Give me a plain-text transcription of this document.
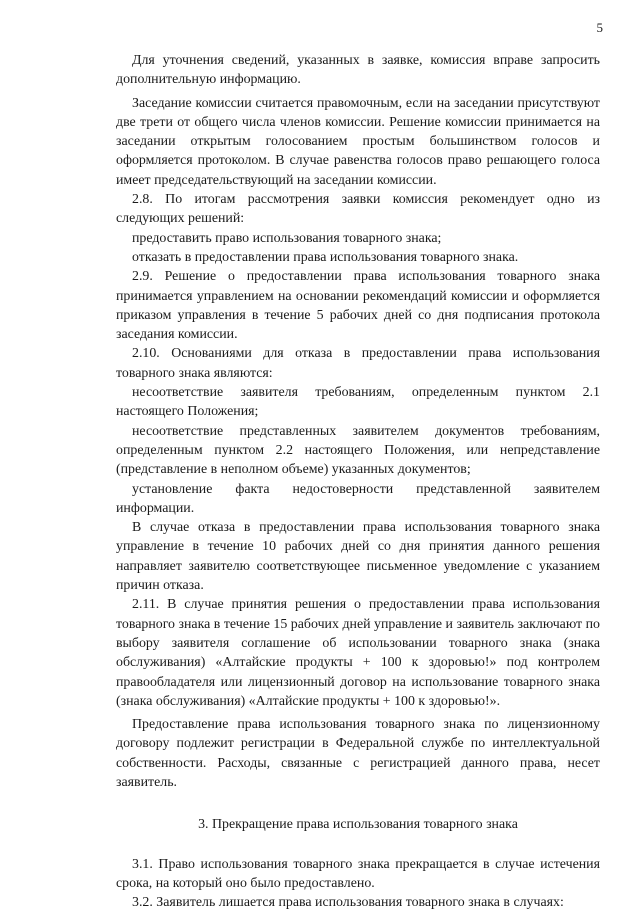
5

Для уточнения сведений, указанных в заявке, комиссия вправе запросить дополнительную информацию.

Заседание комиссии считается правомочным, если на заседании присутствуют две трети от общего числа членов комиссии. Решение комиссии принимается на заседании открытым голосованием простым большинством голосов и оформляется протоколом. В случае равенства голосов право решающего голоса имеет председательствующий на заседании комиссии.

2.8. По итогам рассмотрения заявки комиссия рекомендует одно из следующих решений:

предоставить право использования товарного знака;

отказать в предоставлении права использования товарного знака.

2.9. Решение о предоставлении права использования товарного знака принимается управлением на основании рекомендаций комиссии и оформляется приказом управления в течение 5 рабочих дней со дня подписания протокола заседания комиссии.

2.10. Основаниями для отказа в предоставлении права использования товарного знака являются:

несоответствие заявителя требованиям, определенным пунктом 2.1 настоящего Положения;

несоответствие представленных заявителем документов требованиям, определенным пунктом 2.2 настоящего Положения, или непредставление (представление в неполном объеме) указанных документов;

установление факта недостоверности представленной заявителем информации.

В случае отказа в предоставлении права использования товарного знака управление в течение 10 рабочих дней со дня принятия данного решения направляет заявителю соответствующее письменное уведомление с указанием причин отказа.

2.11. В случае принятия решения о предоставлении права использования товарного знака в течение 15 рабочих дней управление и заявитель заключают по выбору заявителя соглашение об использовании товарного знака (знака обслуживания) «Алтайские продукты + 100 к здоровью!» под контролем правообладателя или лицензионный договор на использование товарного знака (знака обслуживания) «Алтайские продукты + 100 к здоровью!».

Предоставление права использования товарного знака по лицензионному договору подлежит регистрации в Федеральной службе по интеллектуальной собственности. Расходы, связанные с регистрацией данного права, несет заявитель.

3. Прекращение права использования товарного знака

3.1. Право использования товарного знака прекращается в случае истечения срока, на который оно было предоставлено.

3.2. Заявитель лишается права использования товарного знака в случаях:
